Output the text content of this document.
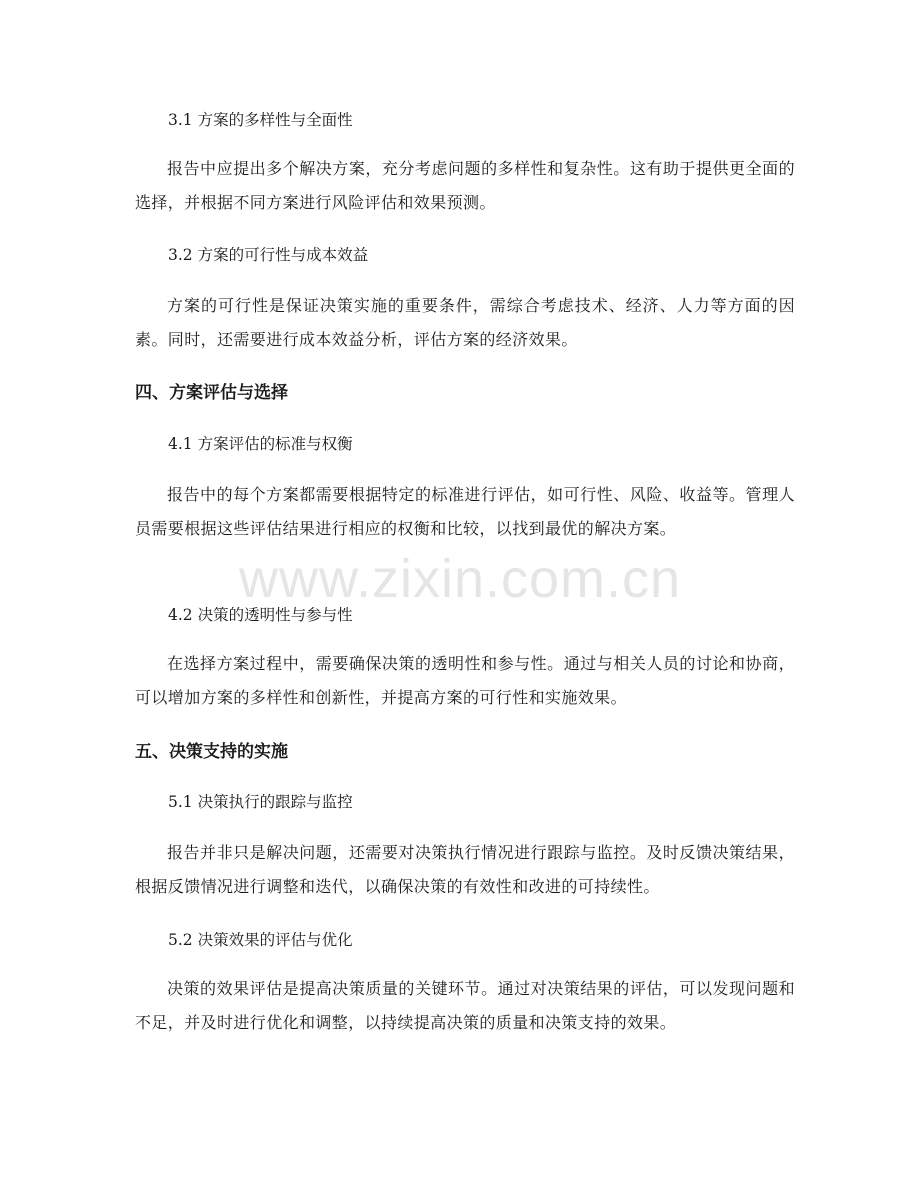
3.1 方案的多样性与全面性
报告中应提出多个解决方案，充分考虑问题的多样性和复杂性。这有助于提供更全面的选择，并根据不同方案进行风险评估和效果预测。
3.2 方案的可行性与成本效益
方案的可行性是保证决策实施的重要条件，需综合考虑技术、经济、人力等方面的因素。同时，还需要进行成本效益分析，评估方案的经济效果。
四、方案评估与选择
4.1 方案评估的标准与权衡
报告中的每个方案都需要根据特定的标准进行评估，如可行性、风险、收益等。管理人员需要根据这些评估结果进行相应的权衡和比较，以找到最优的解决方案。
4.2 决策的透明性与参与性
在选择方案过程中，需要确保决策的透明性和参与性。通过与相关人员的讨论和协商，可以增加方案的多样性和创新性，并提高方案的可行性和实施效果。
五、决策支持的实施
5.1 决策执行的跟踪与监控
报告并非只是解决问题，还需要对决策执行情况进行跟踪与监控。及时反馈决策结果，根据反馈情况进行调整和迭代，以确保决策的有效性和改进的可持续性。
5.2 决策效果的评估与优化
决策的效果评估是提高决策质量的关键环节。通过对决策结果的评估，可以发现问题和不足，并及时进行优化和调整，以持续提高决策的质量和决策支持的效果。
www.zixin.com.cn
